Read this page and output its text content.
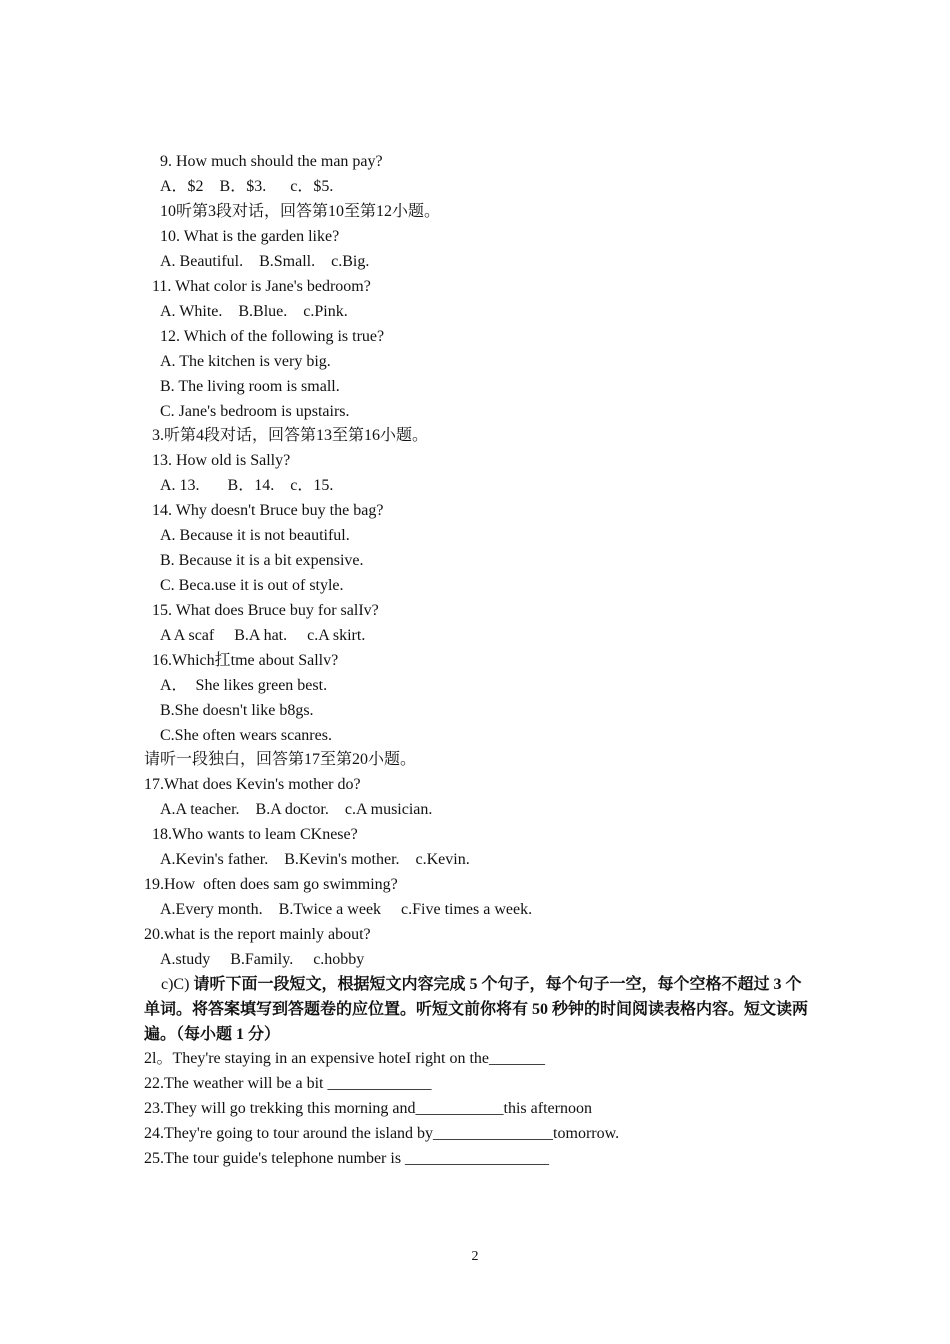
9. How much should the man pay?
A．$2    B．$3.      c．$5.
10听第3段对话，回答第10至第12小题。
10. What is the garden like?
A. Beautiful.    B.Small.    c.Big.
11. What color is Jane's bedroom?
A. White.    B.Blue.    c.Pink.
12. Which of the following is true?
A. The kitchen is very big.
B. The living room is small.
C. Jane's bedroom is upstairs.
3.听第4段对话，回答第13至第16小题。
13. How old is Sally?
A. 13.       B．14.    c．15.
14. Why doesn't Bruce buy the bag?
A. Because it is not beautiful.
B. Because it is a bit expensive.
C. Beca.use it is out of style.
15. What does Bruce buy for salIv?
A A scaf     B.A hat.     c.A skirt.
16.Which扛tme about Sallv?
A．  She likes green best.
B.She doesn't like b8gs.
C.She often wears scanres.
请听一段独白，回答第17至第20小题。
17.What does Kevin's mother do?
A.A teacher.    B.A doctor.    c.A musician.
18.Who wants to leam CKnese?
A.Kevin's father.    B.Kevin's mother.    c.Kevin.
19.How  often does sam go swimming?
A.Every month.    B.Twice a week     c.Five times a week.
20.what is the report mainly about?
A.study     B.Family.     c.hobby
c)C) 请听下面一段短文，根据短文内容完成 5 个句子，每个句子一空，每个空格不超过 3 个单词。将答案填写到答题卷的应位置。听短文前你将有 50 秒钟的时间阅读表格内容。短文读两遍。（每小题 1 分）
2l。They're staying in an expensive hoteI right on the_______
22.The weather will be a bit _____________
23.They will go trekking this morning and___________this afternoon
24.They're going to tour around the island by_______________tomorrow.
25.The tour guide's telephone number is __________________
2
